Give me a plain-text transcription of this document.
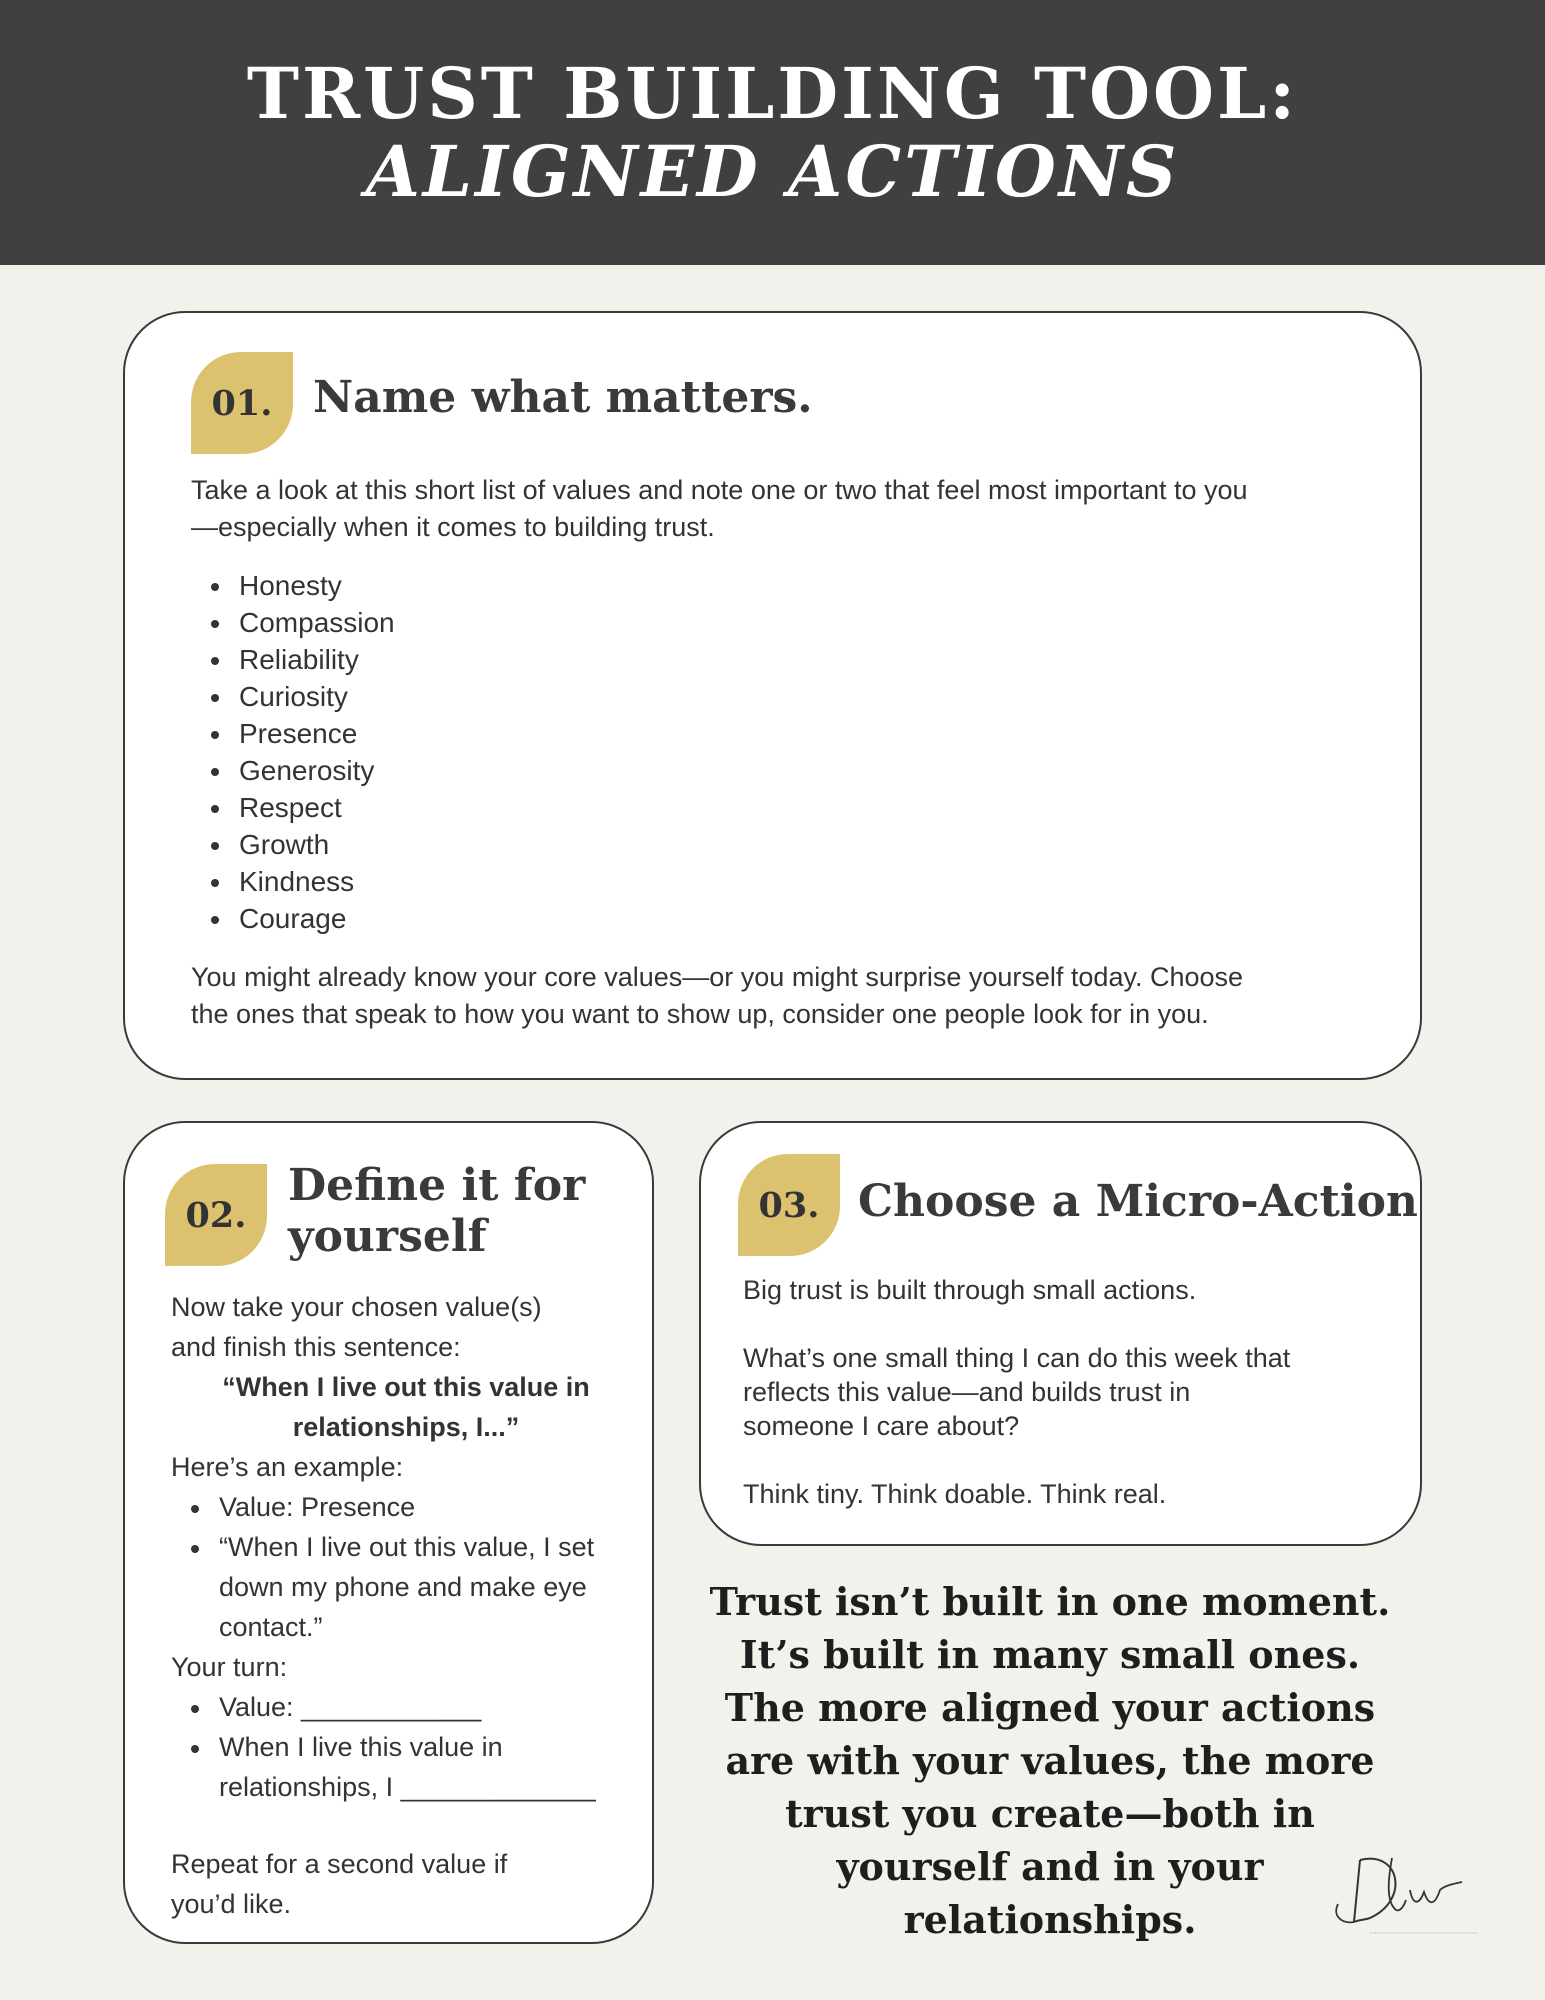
TRUST BUILDING TOOL:
ALIGNED ACTIONS
01. Name what matters.
Take a look at this short list of values and note one or two that feel most important to you
—especially when it comes to building trust.
Honesty
Compassion
Reliability
Curiosity
Presence
Generosity
Respect
Growth
Kindness
Courage
You might already know your core values—or you might surprise yourself today. Choose
the ones that speak to how you want to show up, consider one people look for in you.
02.
Define it for
yourself
Now take your chosen value(s)
and finish this sentence:
“When I live out this value in
relationships, I...”
Here’s an example:
Value: Presence
“When I live out this value, I set down my phone and make eye contact.”
Your turn:
Value: ____________
When I live this value in relationships, I _____________
Repeat for a second value if
you’d like.
03. Choose a Micro-Action
Big trust is built through small actions.
What’s one small thing I can do this week that
reflects this value—and builds trust in
someone I care about?
Think tiny. Think doable. Think real.
Trust isn’t built in one moment.
It’s built in many small ones.
The more aligned your actions
are with your values, the more
trust you create—both in
yourself and in your
relationships.
